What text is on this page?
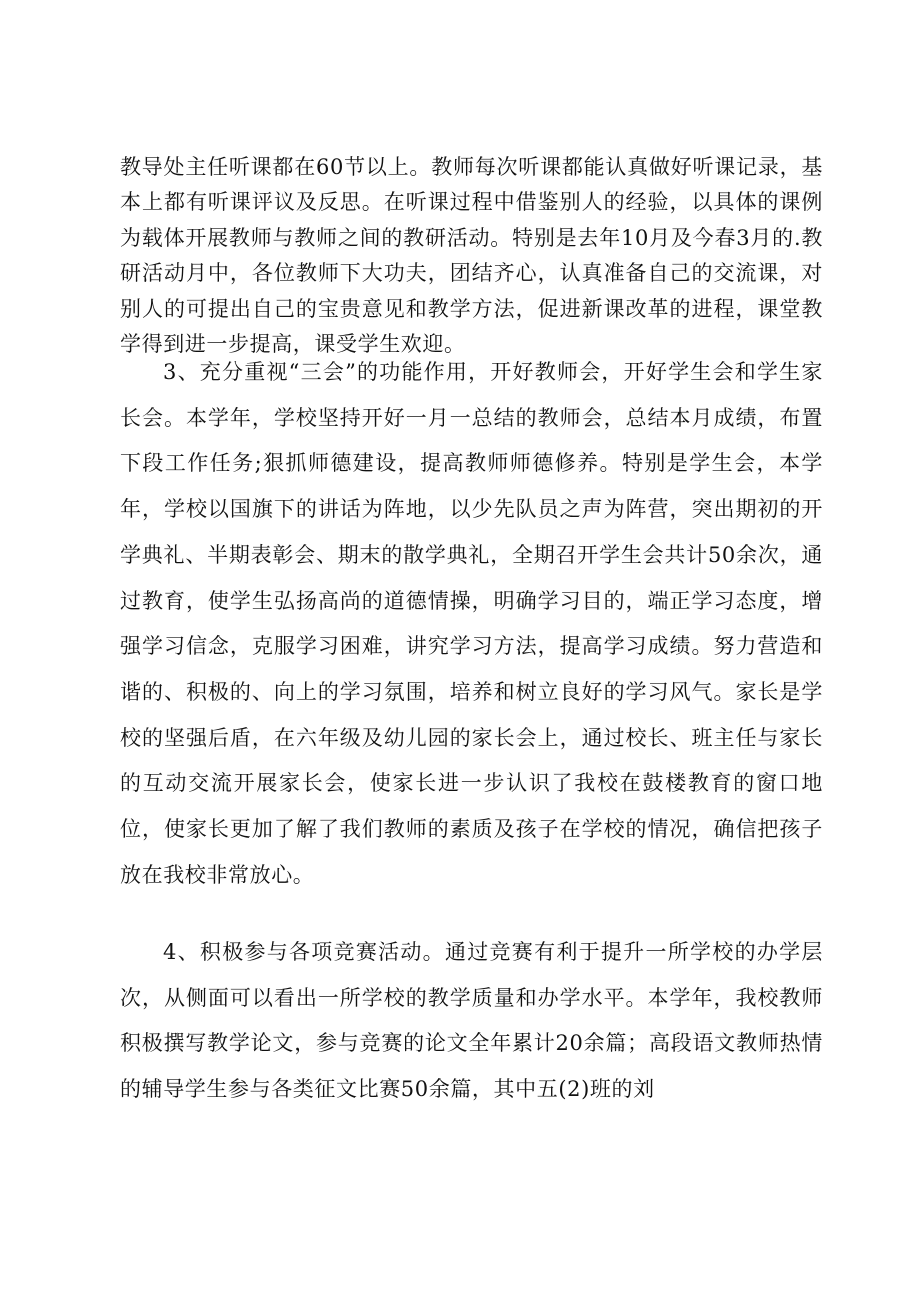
教导处主任听课都在60节以上。教师每次听课都能认真做好听课记录，基本上都有听课评议及反思。在听课过程中借鉴别人的经验，以具体的课例为载体开展教师与教师之间的教研活动。特别是去年10月及今春3月的.教研活动月中，各位教师下大功夫，团结齐心，认真准备自己的交流课，对别人的可提出自己的宝贵意见和教学方法，促进新课改革的进程，课堂教学得到进一步提高，课受学生欢迎。

3、充分重视“三会”的功能作用，开好教师会，开好学生会和学生家长会。本学年，学校坚持开好一月一总结的教师会，总结本月成绩，布置下段工作任务;狠抓师德建设，提高教师师德修养。特别是学生会，本学年，学校以国旗下的讲话为阵地，以少先队员之声为阵营，突出期初的开学典礼、半期表彰会、期末的散学典礼，全期召开学生会共计50余次，通过教育，使学生弘扬高尚的道德情操，明确学习目的，端正学习态度，增强学习信念，克服学习困难，讲究学习方法，提高学习成绩。努力营造和谐的、积极的、向上的学习氛围，培养和树立良好的学习风气。家长是学校的坚强后盾，在六年级及幼儿园的家长会上，通过校长、班主任与家长的互动交流开展家长会，使家长进一步认识了我校在鼓楼教育的窗口地位，使家长更加了解了我们教师的素质及孩子在学校的情况，确信把孩子放在我校非常放心。

4、积极参与各项竞赛活动。通过竞赛有利于提升一所学校的办学层次，从侧面可以看出一所学校的教学质量和办学水平。本学年，我校教师积极撰写教学论文，参与竞赛的论文全年累计20余篇；高段语文教师热情的辅导学生参与各类征文比赛50余篇，其中五(2)班的刘
